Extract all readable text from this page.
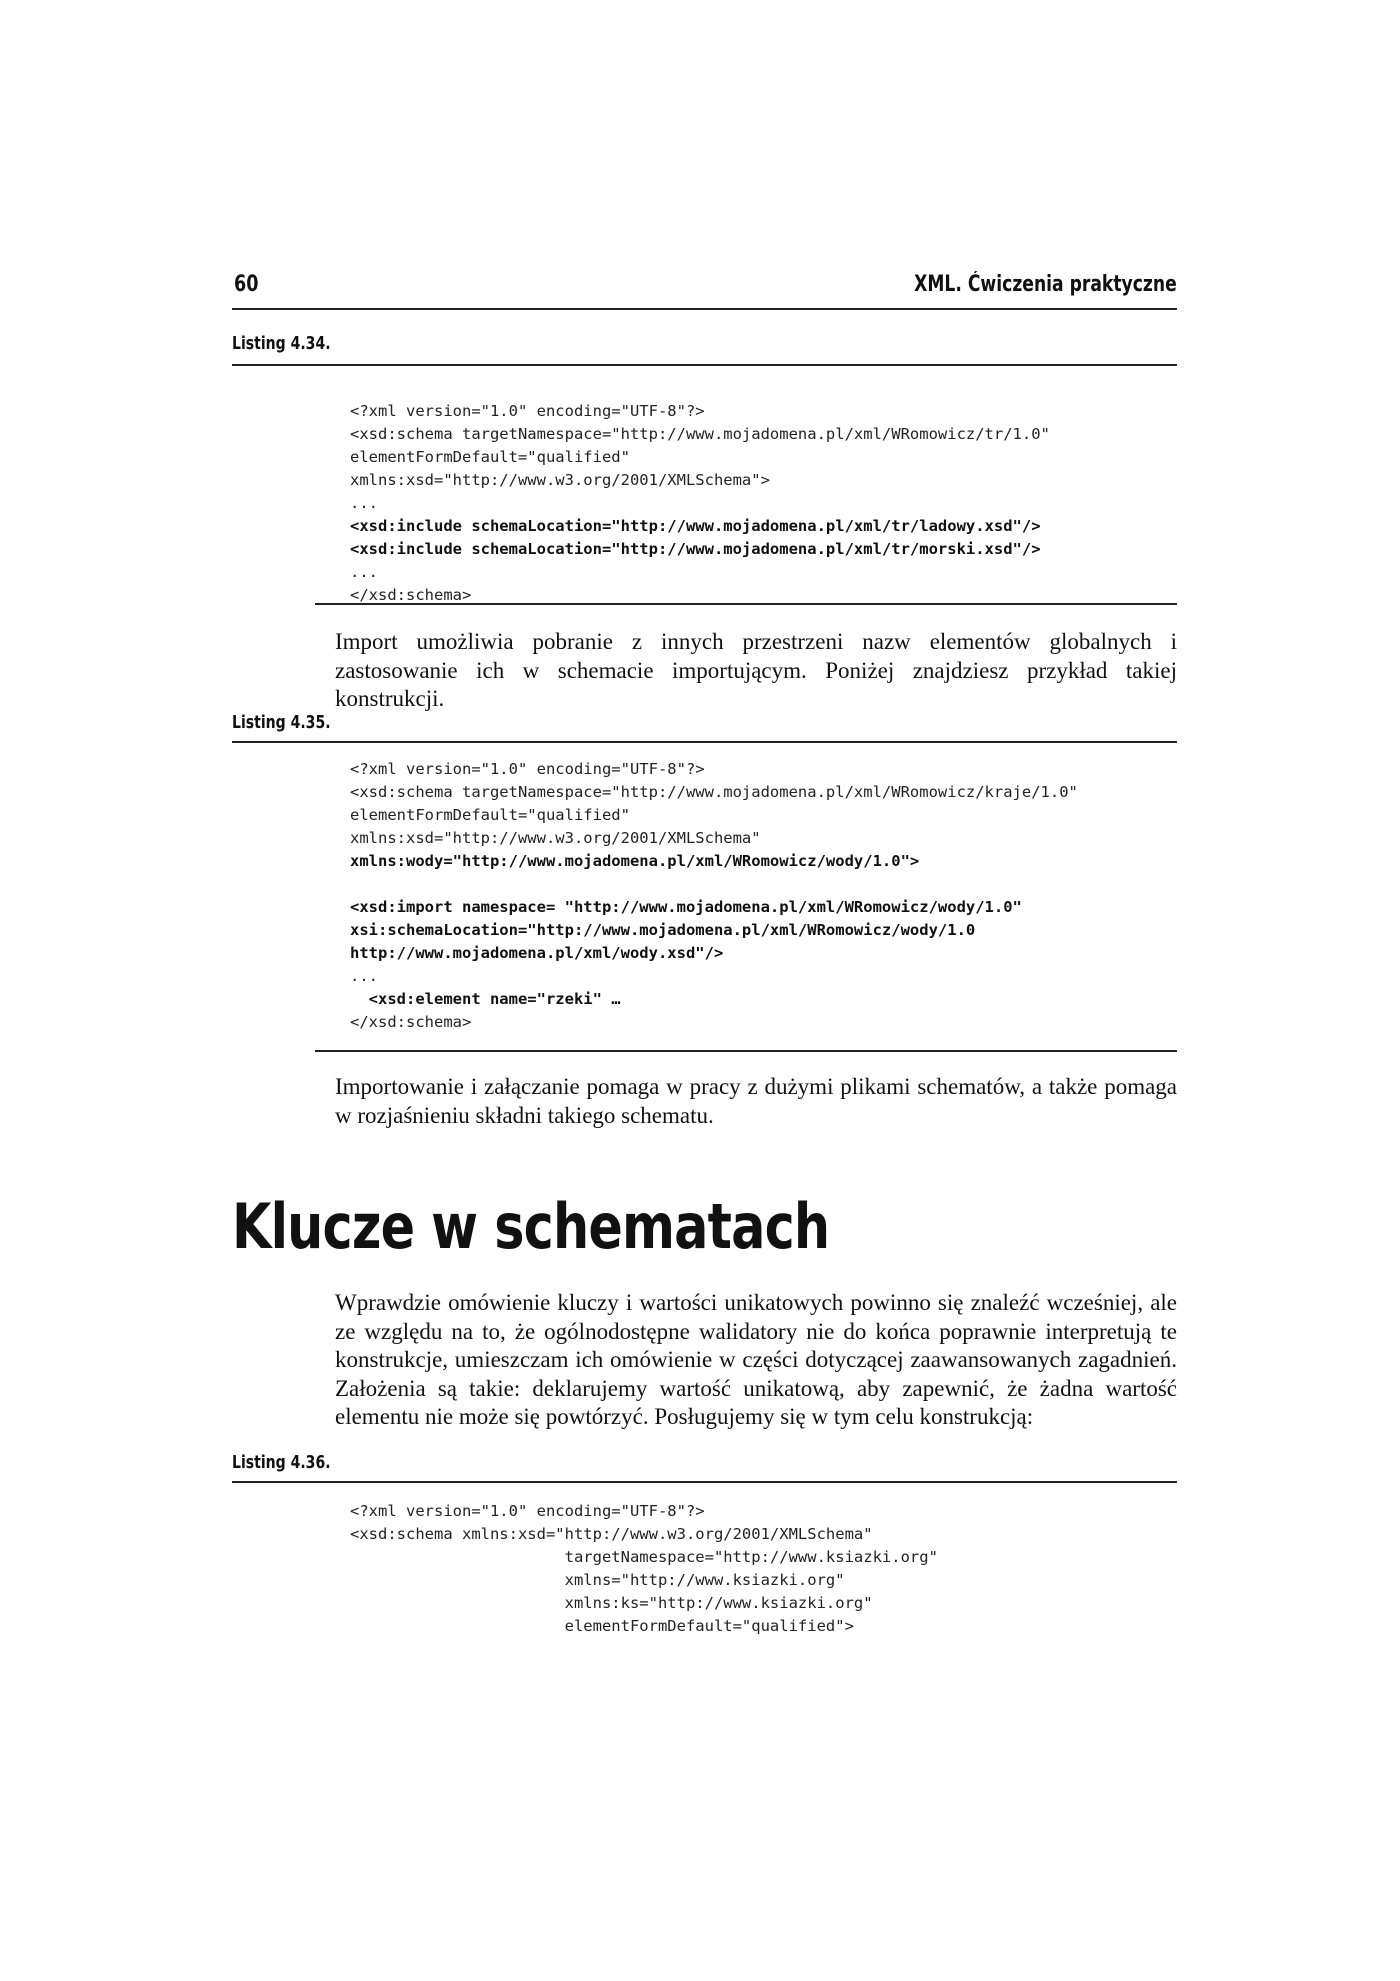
60	XML. Ćwiczenia praktyczne
Listing 4.34.
<?xml version="1.0" encoding="UTF-8"?>
<xsd:schema targetNamespace="http://www.mojadomena.pl/xml/WRomowicz/tr/1.0"
elementFormDefault="qualified"
xmlns:xsd="http://www.w3.org/2001/XMLSchema">
...
<xsd:include schemaLocation="http://www.mojadomena.pl/xml/tr/ladowy.xsd"/>
<xsd:include schemaLocation="http://www.mojadomena.pl/xml/tr/morski.xsd"/>
...
</xsd:schema>

Import umożliwia pobranie z innych przestrzeni nazw elementów globalnych i zastosowanie ich w schemacie importującym. Poniżej znajdziesz przykład takiej konstrukcji.

Listing 4.35.
<?xml version="1.0" encoding="UTF-8"?>
<xsd:schema targetNamespace="http://www.mojadomena.pl/xml/WRomowicz/kraje/1.0"
elementFormDefault="qualified"
xmlns:xsd="http://www.w3.org/2001/XMLSchema"
xmlns:wody="http://www.mojadomena.pl/xml/WRomowicz/wody/1.0">

<xsd:import namespace= "http://www.mojadomena.pl/xml/WRomowicz/wody/1.0"
xsi:schemaLocation="http://www.mojadomena.pl/xml/WRomowicz/wody/1.0
http://www.mojadomena.pl/xml/wody.xsd"/>
...
<xsd:element name="rzeki" …
</xsd:schema>

Importowanie i załączanie pomaga w pracy z dużymi plikami schematów, a także pomaga w rozjaśnieniu składni takiego schematu.

Klucze w schematach

Wprawdzie omówienie kluczy i wartości unikatowych powinno się znaleźć wcześniej, ale ze względu na to, że ogólnodostępne walidatory nie do końca poprawnie interpretują te konstrukcje, umieszczam ich omówienie w części dotyczącej zaawansowanych zagadnień. Założenia są takie: deklarujemy wartość unikatową, aby zapewnić, że żadna wartość elementu nie może się powtórzyć. Posługujemy się w tym celu konstrukcją:

Listing 4.36.
<?xml version="1.0" encoding="UTF-8"?>
<xsd:schema xmlns:xsd="http://www.w3.org/2001/XMLSchema"
targetNamespace="http://www.ksiazki.org"
xmlns="http://www.ksiazki.org"
xmlns:ks="http://www.ksiazki.org"
elementFormDefault="qualified">
